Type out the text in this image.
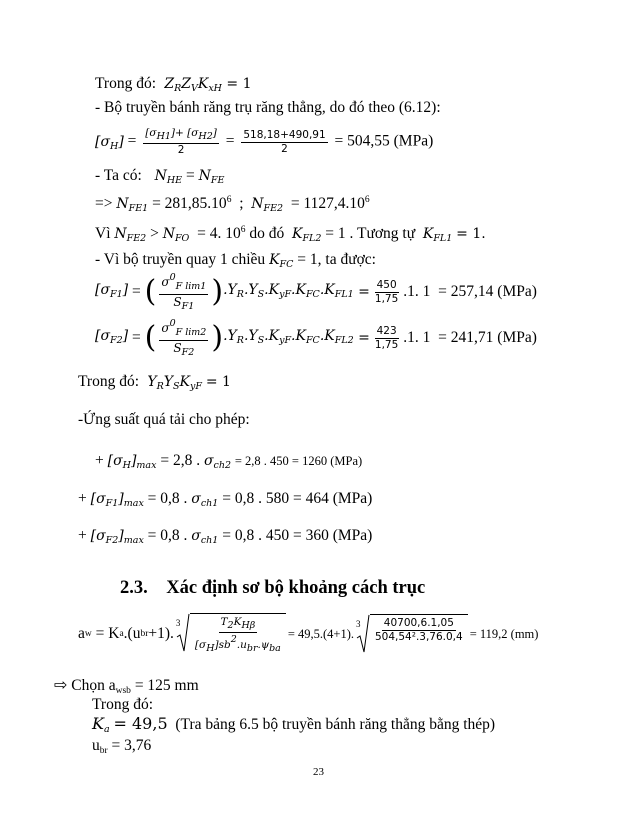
Trong đó:  $Z_RZ_VK_{xH} = 1$
- Bộ truyền bánh răng trụ răng thẳng, do đó theo (6.12):
$[\sigma_H] = \frac{[\sigma H1]+ [\sigma H2]}{2} = \frac{518,18+490,91}{2} = 504,55$ (MPa)
- Ta có:   $N_{HE} = N_{FE}$
=> $N_{FE1} = 281,85.10^6$ ; $N_{FE2} = 1127,4.10^6$
Vì $N_{FE2} > N_{FO} = 4$. $10^6$ do đó $K_{FL2} = 1$ . Tương tự $K_{FL1} = 1$.
- Vì bộ truyền quay 1 chiều $K_{FC} = 1$, ta được:
$[\sigma_{F1}]$ = ( $\frac{\sigma^0_{F lim1}}{S_{F1}}$ ) $.Y_R.Y_S.K_{yF}.K_{FC}.K_{FL1} = \frac{450}{1,75} .1$. 1
= 257,14 (MPa)
$[\sigma_{F2}]$ = ( $\frac{\sigma^0_{F lim2}}{S_{F2}}$ ) $.Y_R.Y_S.K_{yF}.K_{FC}.K_{FL2} = \frac{423}{1,75} .1$. 1
= 241,71 (MPa)
Trong đó:  $Y_RY_SK_{yF} = 1$
-Ứng suất quá tải cho phép:
+ $[\sigma_H]_{max} = 2,8$ . $\sigma_{ch2} = 2,8$ . 450 = 1260 (MPa)
+ $[\sigma_{F1}]_{max} = 0,8$ . $\sigma_{ch1} = 0,8$ . 580 = 464 (MPa)
+ $[\sigma_{F2}]_{max} = 0,8$ . $\sigma_{ch1} = 0,8$ . 450 = 360 (MPa)
2.3. Xác định sơ bộ khoảng cách trục
a w
= K a .(u br +1).
$3 \frac{\text{T2KHβ}}{\text{[σH]sb2.ubr.ψba}} = 49,5.(4+1)$.
$3 \frac{40700,6.1,05}{\text{504,54².3,76.0,4}} = 119,2$ (mm)
⇨ Chọn $a_{wsb} = 125$ mm
Trong đó:
$K_a = 49,5$ (Tra bảng 6.5 bộ truyền bánh răng thẳng bằng thép)
$u_{br} = 3,76$
23
